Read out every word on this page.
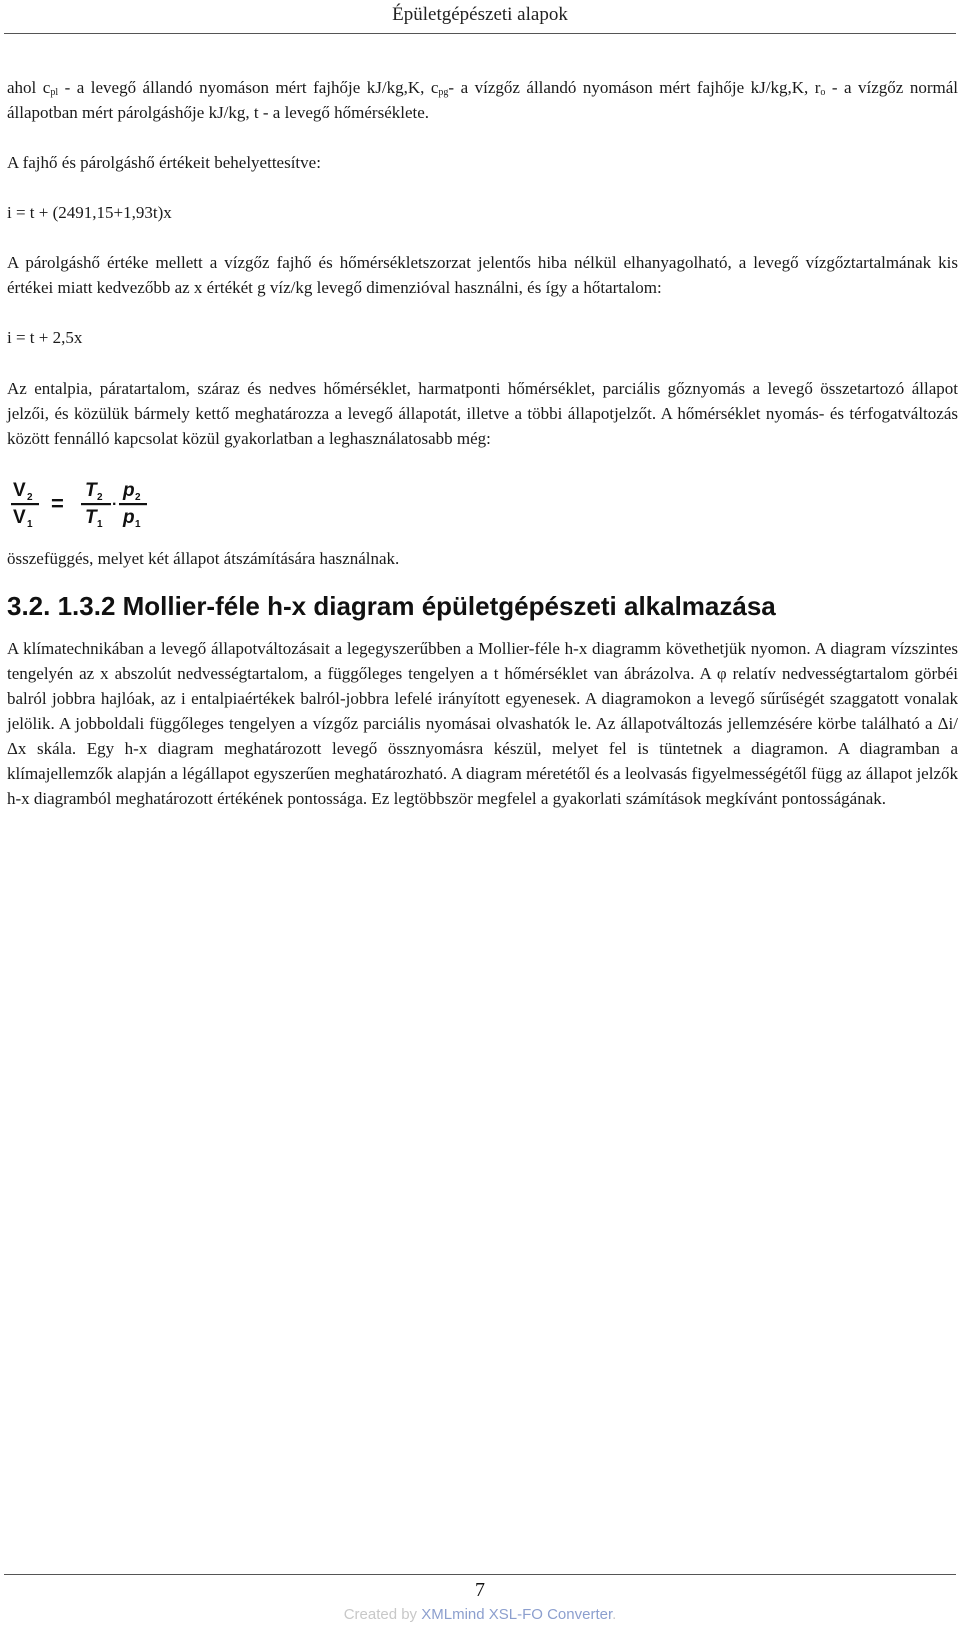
Épületgépészeti alapok

ahol $c_{pl}$ - a levegő állandó nyomáson mért fajhője kJ/kg,K, $c_{pg}-$ a vízgőz állandó nyomáson mért fajhője kJ/kg,K, $r_o$ - a vízgőz normál állapotban mért párolgáshője kJ/kg, t - a levegő hőmérséklete.

A fajhő és párolgáshő értékeit behelyettesítve:

i = t + (2491,15+1,93t)x

A párolgáshő értéke mellett a vízgőz fajhő és hőmérsékletszorzat jelentős hiba nélkül elhanyagolható, a levegő vízgőztartalmának kis értékei miatt kedvezőbb az x értékét g víz/kg levegő dimenzióval használni, és így a hőtartalom:

i = t + 2,5x

Az entalpia, páratartalom, száraz és nedves hőmérséklet, harmatponti hőmérséklet, parciális gőznyomás a levegő összetartozó állapot jelzői, és közülük bármely kettő meghatározza a levegő állapotát, illetve a többi állapotjelzőt. A hőmérséklet nyomás- és térfogatváltozás között fennálló kapcsolat közül gyakorlatban a leghasználatosabb még:

V 2
V 1
=
T 2
T 1
·
p 2
p 1

összefüggés, melyet két állapot átszámítására használnak.

3.2. 1.3.2 Mollier-féle h-x diagram épületgépészeti alkalmazása

A klímatechnikában a levegő állapotváltozásait a legegyszerűbben a Mollier-féle h-x diagramm követhetjük nyomon. A diagram vízszintes tengelyén az x abszolút nedvességtartalom, a függőleges tengelyen a t hőmérséklet van ábrázolva. A φ relatív nedvességtartalom görbéi balról jobbra hajlóak, az i entalpiaértékek balról-jobbra lefelé irányított egyenesek. A diagramokon a levegő sűrűségét szaggatott vonalak jelölik. A jobboldali függőleges tengelyen a vízgőz parciális nyomásai olvashatók le. Az állapotváltozás jellemzésére körbe található a Δi/Δx skála. Egy h-x diagram meghatározott levegő össznyomásra készül, melyet fel is tüntetnek a diagramon. A diagramban a klímajellemzők alapján a légállapot egyszerűen meghatározható. A diagram méretétől és a leolvasás figyelmességétől függ az állapot jelzők h-x diagramból meghatározott értékének pontossága. Ez legtöbbször megfelel a gyakorlati számítások megkívánt pontosságának.

7
Created by XMLmind XSL-FO Converter.
